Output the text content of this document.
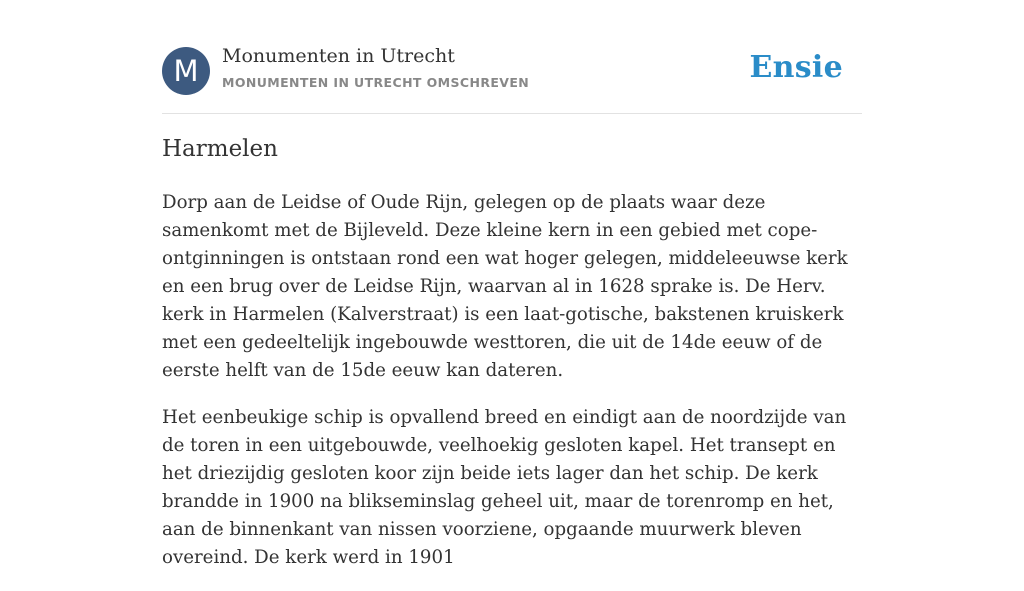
M	Monumenten in Utrecht
MONUMENTEN IN UTRECHT OMSCHREVEN	Ensie
Harmelen

Dorp aan de Leidse of Oude Rijn, gelegen op de plaats waar deze samenkomt met de Bijleveld. Deze kleine kern in een gebied met cope-ontginningen is ontstaan rond een wat hoger gelegen, middeleeuwse kerk en een brug over de Leidse Rijn, waarvan al in 1628 sprake is. De Herv. kerk in Harmelen (Kalverstraat) is een laat-gotische, bakstenen kruiskerk met een gedeeltelijk ingebouwde westtoren, die uit de 14de eeuw of de eerste helft van de 15de eeuw kan dateren.

Het eenbeukige schip is opvallend breed en eindigt aan de noordzijde van de toren in een uitgebouwde, veelhoekig gesloten kapel. Het transept en het driezijdig gesloten koor zijn beide iets lager dan het schip. De kerk brandde in 1900 na blikseminslag geheel uit, maar de torenromp en het, aan de binnenkant van nissen voorziene, opgaande muurwerk bleven overeind. De kerk werd in 1901
